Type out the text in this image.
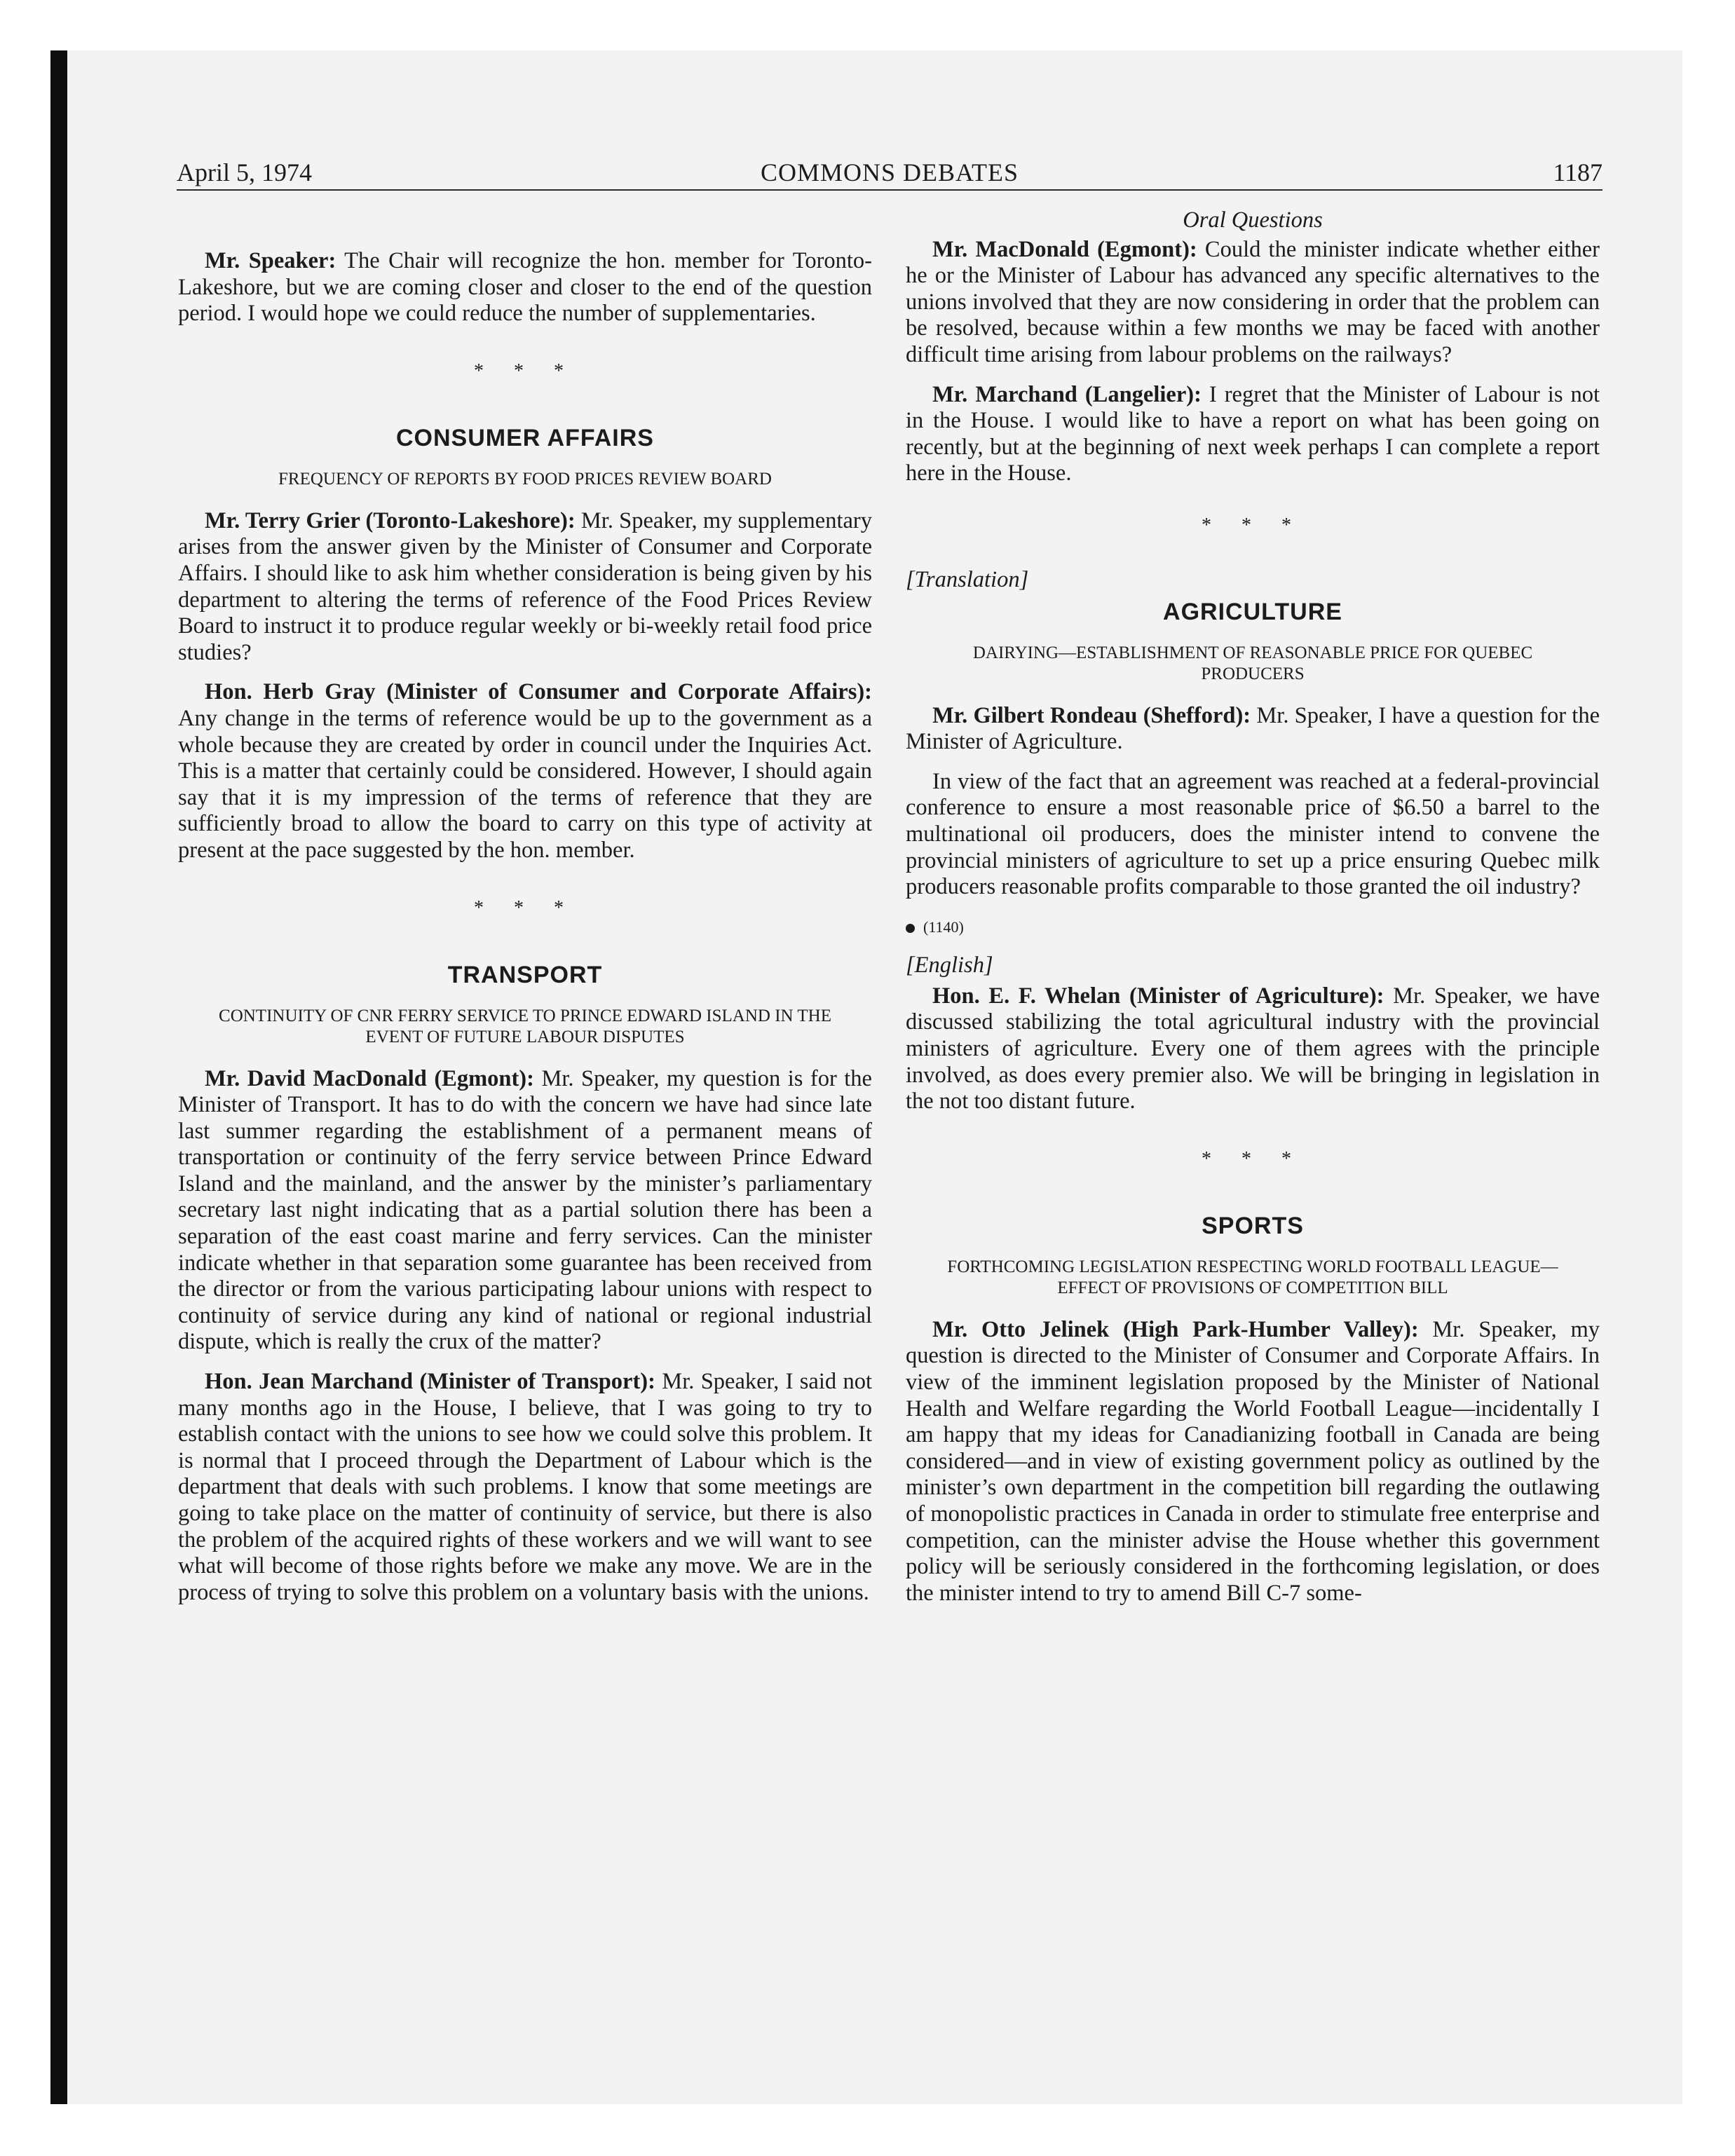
April 5, 1974	COMMONS DEBATES	1187

Mr. Speaker: The Chair will recognize the hon. member for Toronto-Lakeshore, but we are coming closer and closer to the end of the question period. I would hope we could reduce the number of supplementaries.

* * *
CONSUMER AFFAIRS
FREQUENCY OF REPORTS BY FOOD PRICES REVIEW BOARD

Mr. Terry Grier (Toronto-Lakeshore): Mr. Speaker, my supplementary arises from the answer given by the Minister of Consumer and Corporate Affairs. I should like to ask him whether consideration is being given by his department to altering the terms of reference of the Food Prices Review Board to instruct it to produce regular weekly or bi-weekly retail food price studies?

Hon. Herb Gray (Minister of Consumer and Corporate Affairs): Any change in the terms of reference would be up to the government as a whole because they are created by order in council under the Inquiries Act. This is a matter that certainly could be considered. However, I should again say that it is my impression of the terms of reference that they are sufficiently broad to allow the board to carry on this type of activity at present at the pace suggested by the hon. member.

* * *
TRANSPORT
CONTINUITY OF CNR FERRY SERVICE TO PRINCE EDWARD ISLAND IN THE EVENT OF FUTURE LABOUR DISPUTES

Mr. David MacDonald (Egmont): Mr. Speaker, my question is for the Minister of Transport. It has to do with the concern we have had since late last summer regarding the establishment of a permanent means of transportation or continuity of the ferry service between Prince Edward Island and the mainland, and the answer by the minister’s parliamentary secretary last night indicating that as a partial solution there has been a separation of the east coast marine and ferry services. Can the minister indicate whether in that separation some guarantee has been received from the director or from the various participating labour unions with respect to continuity of service during any kind of national or regional industrial dispute, which is really the crux of the matter?

Hon. Jean Marchand (Minister of Transport): Mr. Speaker, I said not many months ago in the House, I believe, that I was going to try to establish contact with the unions to see how we could solve this problem. It is normal that I proceed through the Department of Labour which is the department that deals with such problems. I know that some meetings are going to take place on the matter of continuity of service, but there is also the problem of the acquired rights of these workers and we will want to see what will become of those rights before we make any move. We are in the process of trying to solve this problem on a voluntary basis with the unions.

Oral Questions

Mr. MacDonald (Egmont): Could the minister indicate whether either he or the Minister of Labour has advanced any specific alternatives to the unions involved that they are now considering in order that the problem can be resolved, because within a few months we may be faced with another difficult time arising from labour problems on the railways?

Mr. Marchand (Langelier): I regret that the Minister of Labour is not in the House. I would like to have a report on what has been going on recently, but at the beginning of next week perhaps I can complete a report here in the House.

* * *
[Translation]
AGRICULTURE
DAIRYING—ESTABLISHMENT OF REASONABLE PRICE FOR QUEBEC PRODUCERS

Mr. Gilbert Rondeau (Shefford): Mr. Speaker, I have a question for the Minister of Agriculture.

In view of the fact that an agreement was reached at a federal-provincial conference to ensure a most reasonable price of $6.50 a barrel to the multinational oil producers, does the minister intend to convene the provincial ministers of agriculture to set up a price ensuring Quebec milk producers reasonable profits comparable to those granted the oil industry?

(1140)
[English]

Hon. E. F. Whelan (Minister of Agriculture): Mr. Speaker, we have discussed stabilizing the total agricultural industry with the provincial ministers of agriculture. Every one of them agrees with the principle involved, as does every premier also. We will be bringing in legislation in the not too distant future.

* * *
SPORTS
FORTHCOMING LEGISLATION RESPECTING WORLD FOOTBALL LEAGUE—EFFECT OF PROVISIONS OF COMPETITION BILL

Mr. Otto Jelinek (High Park-Humber Valley): Mr. Speaker, my question is directed to the Minister of Consumer and Corporate Affairs. In view of the imminent legislation proposed by the Minister of National Health and Welfare regarding the World Football League—incidentally I am happy that my ideas for Canadianizing football in Canada are being considered—and in view of existing government policy as outlined by the minister’s own department in the competition bill regarding the outlawing of monopolistic practices in Canada in order to stimulate free enterprise and competition, can the minister advise the House whether this government policy will be seriously considered in the forthcoming legislation, or does the minister intend to try to amend Bill C-7 some-
